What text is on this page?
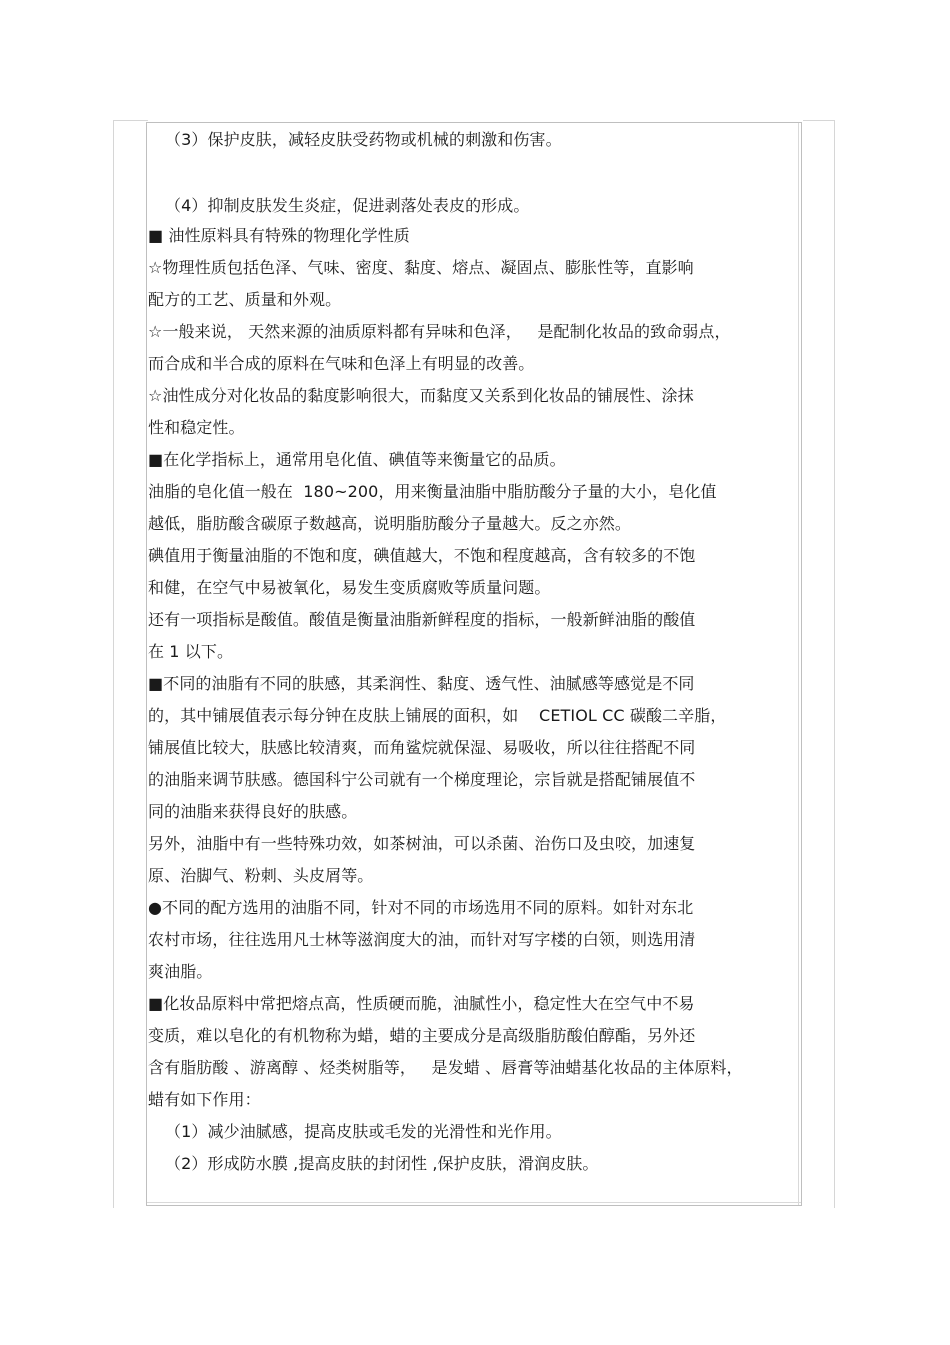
（3）保护皮肤，减轻皮肤受药物或机械的刺激和伤害。
（4）抑制皮肤发生炎症，促进剥落处表皮的形成。
■ 油性原料具有特殊的物理化学性质
☆物理性质包括色泽、气味、密度、黏度、熔点、凝固点、膨胀性等，直影响
配方的工艺、质量和外观。
☆一般来说， 天然来源的油质原料都有异味和色泽，   是配制化妆品的致命弱点，
而合成和半合成的原料在气味和色泽上有明显的改善。
☆油性成分对化妆品的黏度影响很大，而黏度又关系到化妆品的铺展性、涂抹
性和稳定性。
■在化学指标上，通常用皂化值、碘值等来衡量它的品质。
油脂的皂化值一般在  180~200，用来衡量油脂中脂肪酸分子量的大小，皂化值
越低，脂肪酸含碳原子数越高，说明脂肪酸分子量越大。反之亦然。
碘值用于衡量油脂的不饱和度，碘值越大，不饱和程度越高，含有较多的不饱
和健，在空气中易被氧化，易发生变质腐败等质量问题。
还有一项指标是酸值。酸值是衡量油脂新鲜程度的指标，一般新鲜油脂的酸值
在 1 以下。
■不同的油脂有不同的肤感，其柔润性、黏度、透气性、油腻感等感觉是不同
的，其中铺展值表示每分钟在皮肤上铺展的面积，如    CETIOL CC 碳酸二辛脂，
铺展值比较大，肤感比较清爽，而角鲨烷就保湿、易吸收，所以往往搭配不同
的油脂来调节肤感。德国科宁公司就有一个梯度理论，宗旨就是搭配铺展值不
同的油脂来获得良好的肤感。
另外，油脂中有一些特殊功效，如茶树油，可以杀菌、治伤口及虫咬，加速复
原、治脚气、粉刺、头皮屑等。
●不同的配方选用的油脂不同，针对不同的市场选用不同的原料。如针对东北
农村市场，往往选用凡士林等滋润度大的油，而针对写字楼的白领，则选用清
爽油脂。
■化妆品原料中常把熔点高，性质硬而脆，油腻性小，稳定性大在空气中不易
变质，难以皂化的有机物称为蜡，蜡的主要成分是高级脂肪酸伯醇酯，另外还
含有脂肪酸 、游离醇 、烃类树脂等，   是发蜡 、唇膏等油蜡基化妆品的主体原料，
蜡有如下作用：
（1）减少油腻感，提高皮肤或毛发的光滑性和光作用。
（2）形成防水膜 ,提高皮肤的封闭性 ,保护皮肤，滑润皮肤。
